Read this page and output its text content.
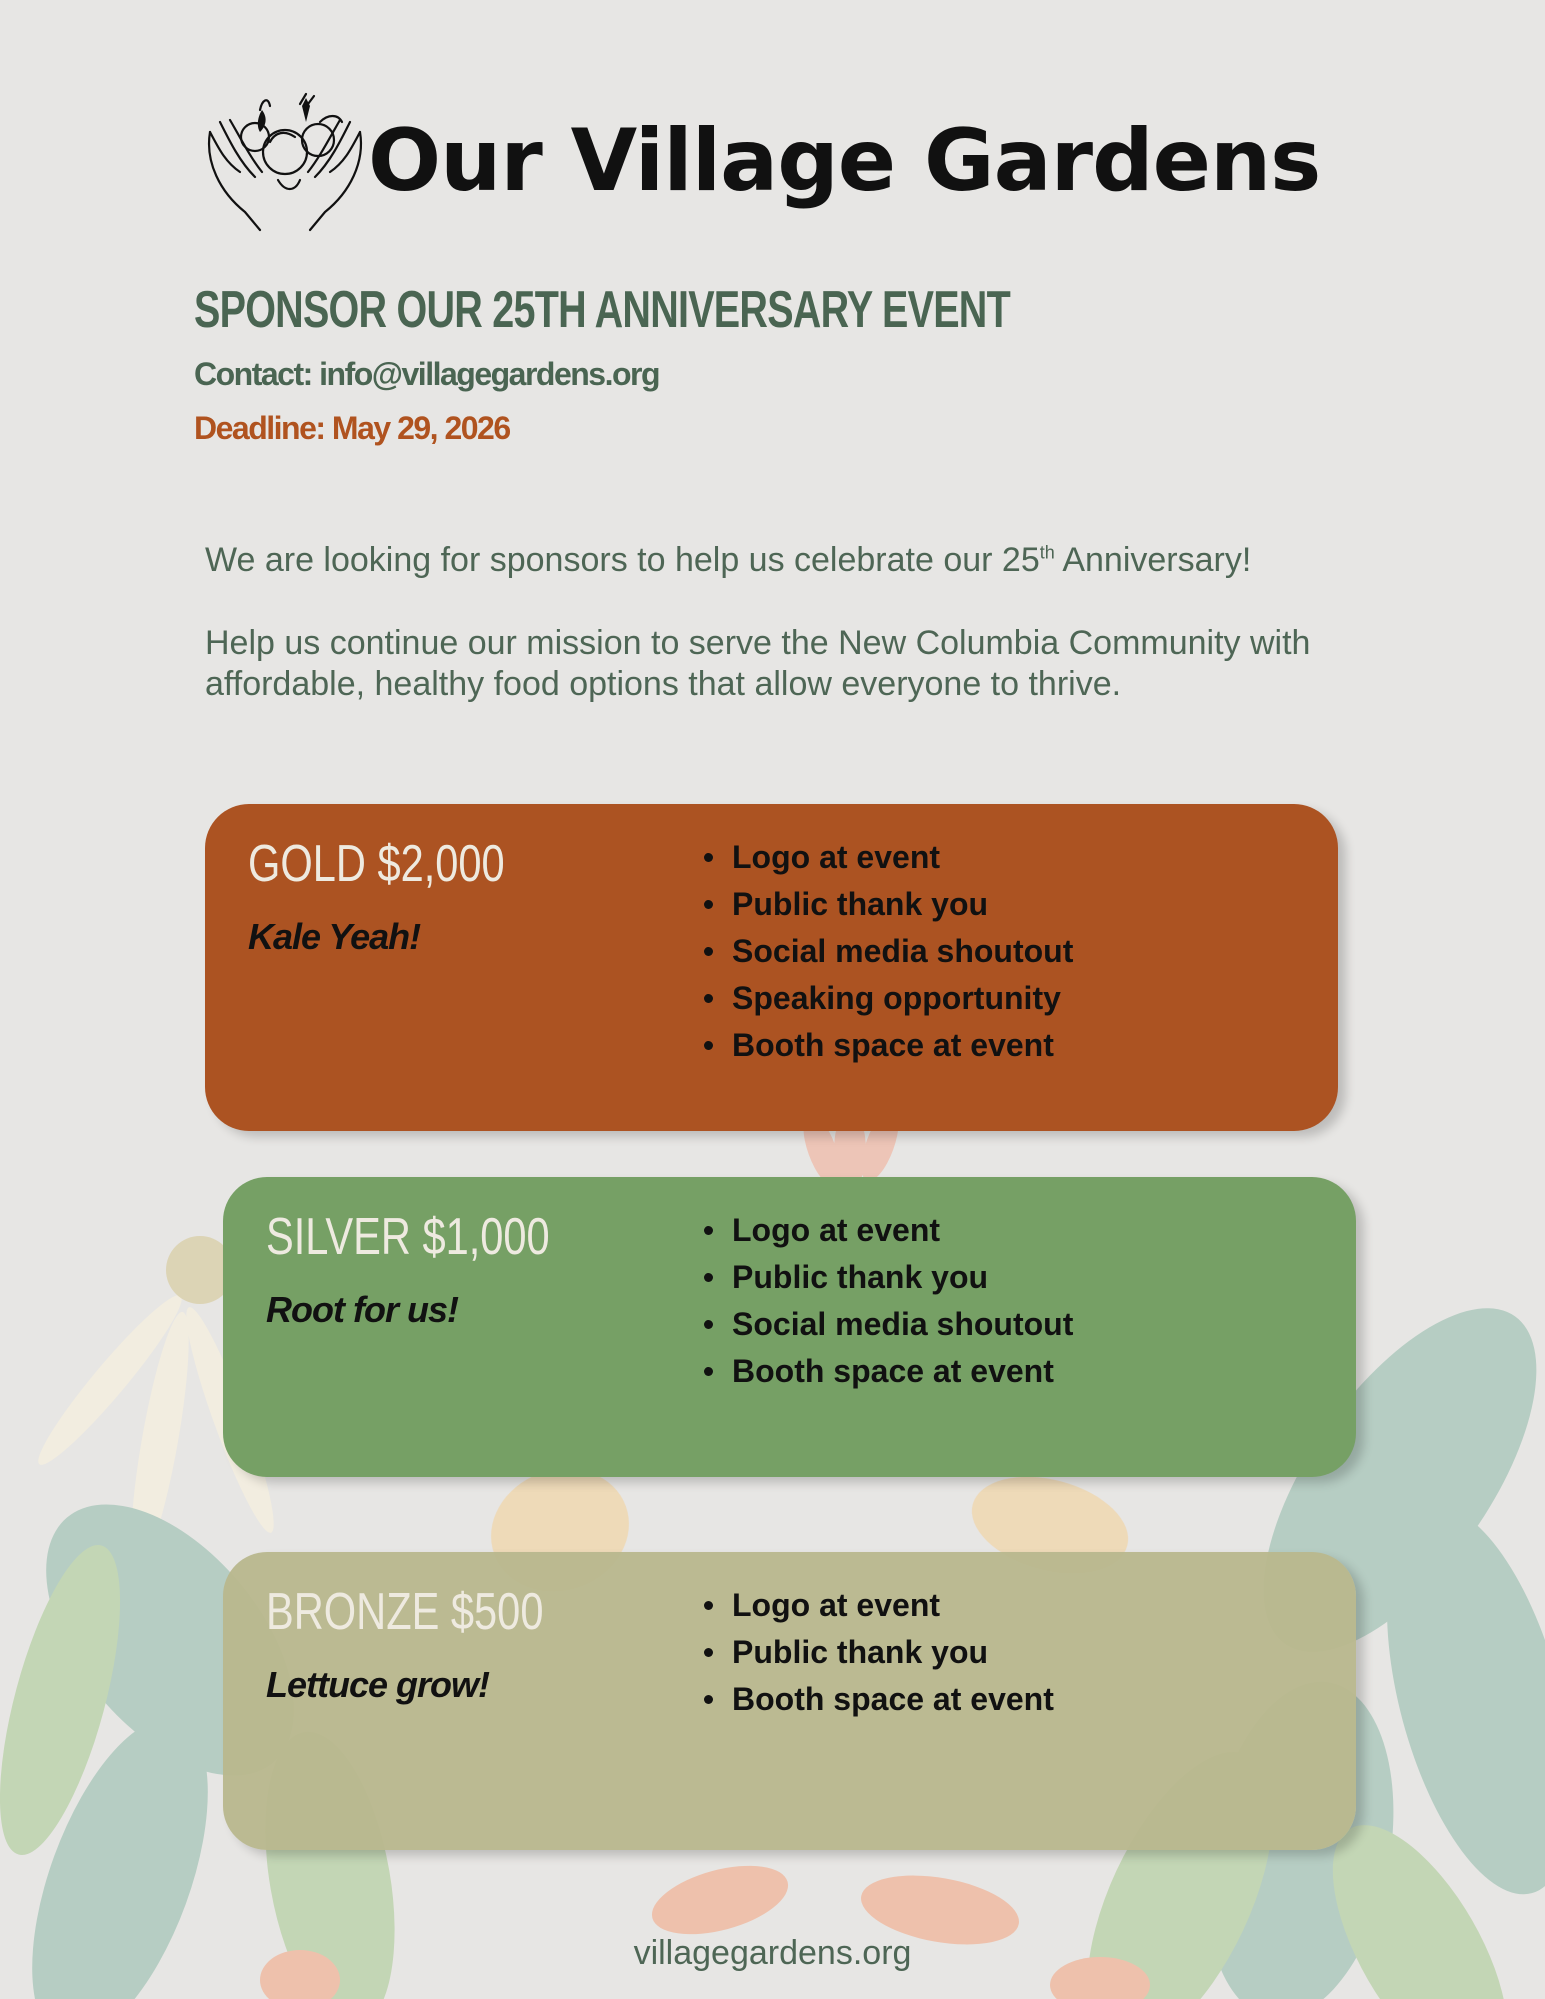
Our Village Gardens
SPONSOR OUR 25TH ANNIVERSARY EVENT
Contact: info@villagegardens.org
Deadline: May 29, 2026

We are looking for sponsors to help us celebrate our 25th Anniversary!

Help us continue our mission to serve the New Columbia Community with affordable, healthy food options that allow everyone to thrive.

GOLD $2,000
Kale Yeah!
Logo at event
Public thank you
Social media shoutout
Speaking opportunity
Booth space at event
SILVER $1,000
Root for us!
Logo at event
Public thank you
Social media shoutout
Booth space at event
BRONZE $500
Lettuce grow!
Logo at event
Public thank you
Booth space at event
villagegardens.org
